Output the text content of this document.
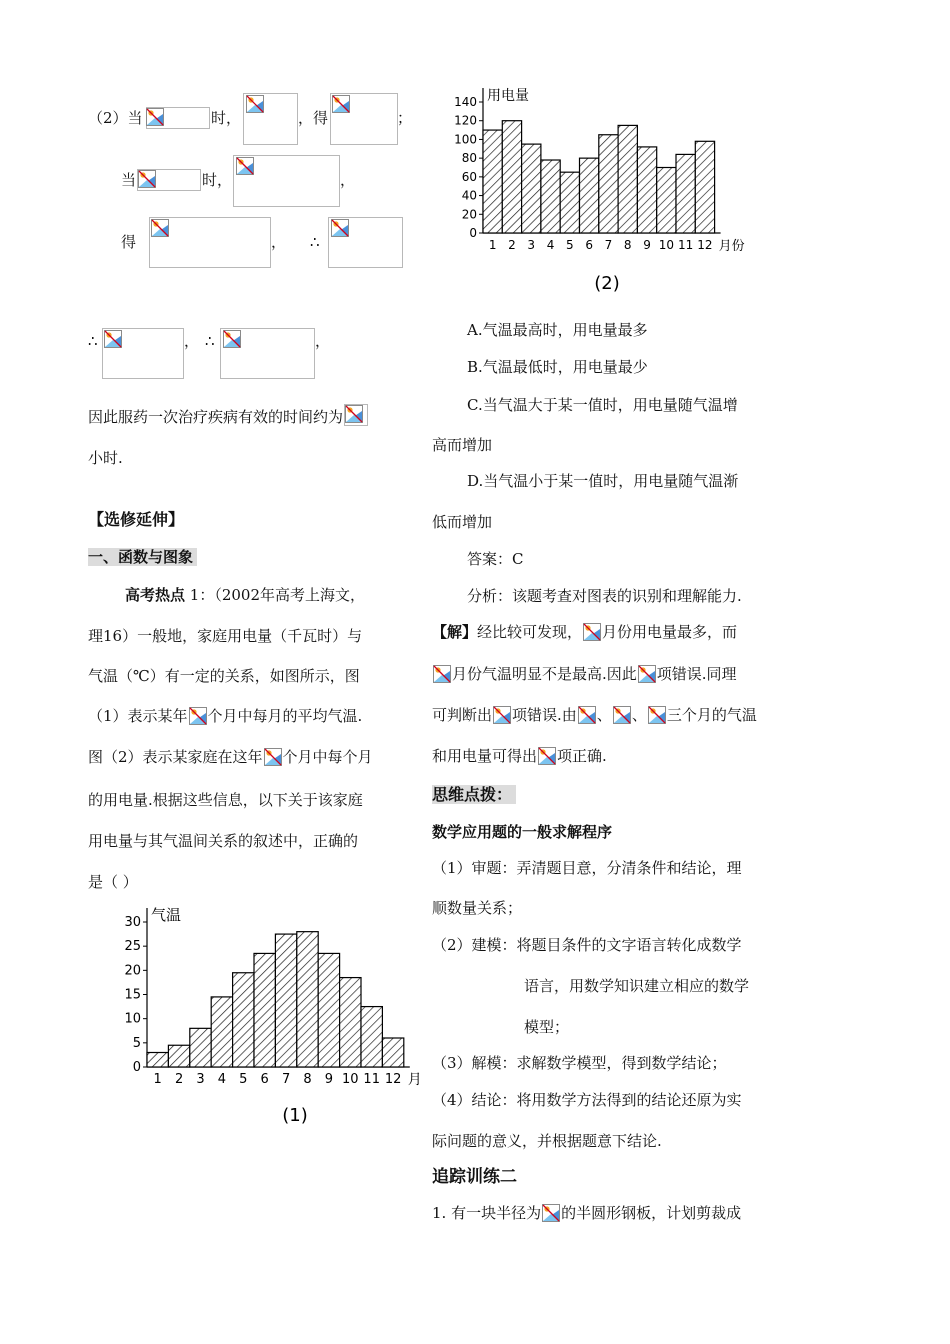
（2）当	时，	，得	；
当	时，	，
得	， ∴
∴	， ∴	，
因此服药一次治疗疾病有效的时间约为
小时.
【选修延伸】
一、函数与图象
高考热点 1：（2002年高考上海文，
理16）一般地，家庭用电量（千瓦时）与
气温（℃）有一定的关系，如图所示，图
（1）表示某年 个月中每月的平均气温.
图（2）表示某家庭在这年 个月中每个月
的用电量.根据这些信息，以下关于该家庭
用电量与其气温间关系的叙述中，正确的
是（ ）
0
5
10
15
20
25
30 气温
1 2 3 4 5 6 7 8 9 10 11 12 月
(1)
0
20
40
60
80
100
120
140 用电量
1 2 3 4 5 6 7 8 9 10 11 12 月份
(2)
A.气温最高时，用电量最多
B.气温最低时，用电量最少
C.当气温大于某一值时，用电量随气温增
高而增加
D.当气温小于某一值时，用电量随气温渐
低而增加
答案：C
分析：该题考查对图表的识别和理解能力.
【解】经比较可发现， 月份用电量最多，而
月份气温明显不是最高.因此 项错误.同理
可判断出 项错误.由 、 、 三个月的气温
和用电量可得出 项正确.
思维点拨：
数学应用题的一般求解程序
（1）审题：弄清题目意，分清条件和结论，理
顺数量关系；
（2）建模：将题目条件的文字语言转化成数学
语言，用数学知识建立相应的数学
模型；
（3）解模：求解数学模型，得到数学结论；
（4）结论：将用数学方法得到的结论还原为实
际问题的意义，并根据题意下结论.
追踪训练二
1. 有一块半径为 的半圆形钢板，计划剪裁成
